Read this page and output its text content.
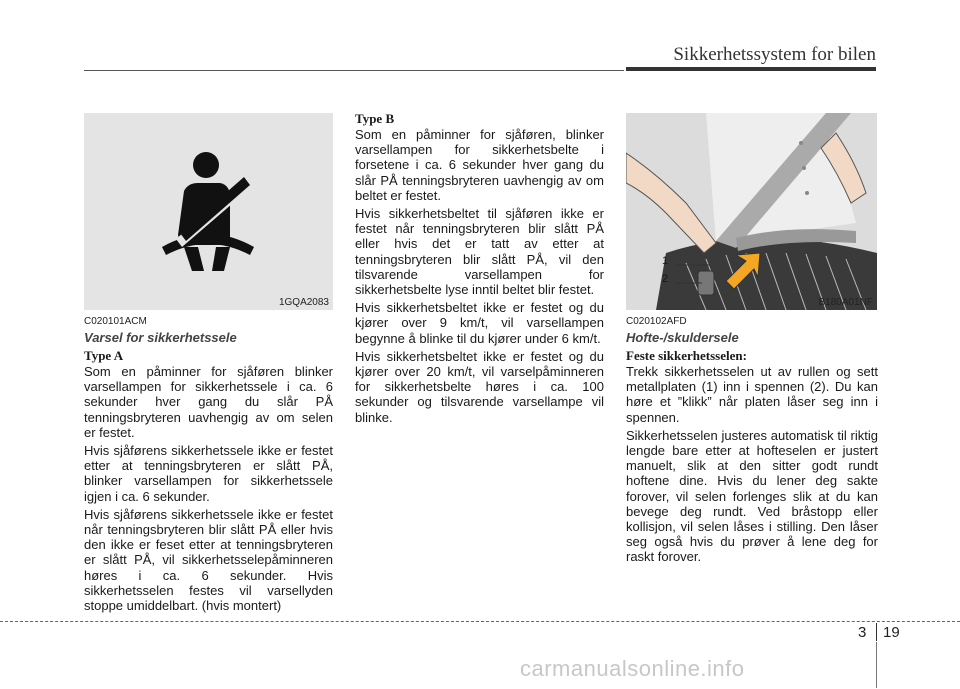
Sikkerhetssystem for bilen
1GQA2083
C020101ACM
Varsel for sikkerhetssele

Type A

Som en påminner for sjåføren blinker varsellampen for sikkerhetssele i ca. 6 sekunder hver gang du slår PÅ tenningsbryteren uavhengig av om selen er festet.

Hvis sjåførens sikkerhetssele ikke er festet etter at tenningsbryteren er slått PÅ, blinker varsellampen for sikkerhetssele igjen i ca. 6 sekunder.

Hvis sjåførens sikkerhetssele ikke er festet når tenningsbryteren blir slått PÅ eller hvis den ikke er feset etter at tenningsbryteren er slått PÅ, vil sikkerhetsselepåminneren høres i ca. 6 sekunder. Hvis sikkerhetsselen festes vil varsellyden stoppe umiddelbart. (hvis montert)

Type B

Som en påminner for sjåføren, blinker varsellampen for sikkerhetsbelte i forsetene i ca. 6 sekunder hver gang du slår PÅ tenningsbryteren uavhengig av om beltet er festet.

Hvis sikkerhetsbeltet til sjåføren ikke er festet når tenningsbryteren blir slått PÅ eller hvis det er tatt av etter at tenningsbryteren blir slått PÅ, vil den tilsvarende varsellampen for sikkerhetsbelte lyse inntil beltet blir festet.

Hvis sikkerhetsbeltet ikke er festet og du kjører over 9 km/t, vil varsellampen begynne å blinke til du kjører under 6 km/t.

Hvis sikkerhetsbeltet ikke er festet og du kjører over 20 km/t, vil varselpåminneren for sikkerhetsbelte høres i ca. 100 sekunder og tilsvarende varsellampe vil blinke.

1
2
B180A01NF
C020102AFD
Hofte-/skuldersele

Feste sikkerhetsselen:

Trekk sikkerhetsselen ut av rullen og sett metallplaten (1) inn i spennen (2). Du kan høre et ”klikk” når platen låser seg inn i spennen.

Sikkerhetsselen justeres automatisk til riktig lengde bare etter at hofteselen er justert manuelt, slik at den sitter godt rundt hoftene dine. Hvis du lener deg sakte forover, vil selen forlenges slik at du kan bevege deg rundt. Ved bråstopp eller kollisjon, vil selen låses i stilling. Den låser seg også hvis du prøver å lene deg for raskt forover.

3 19
carmanualsonline.info
